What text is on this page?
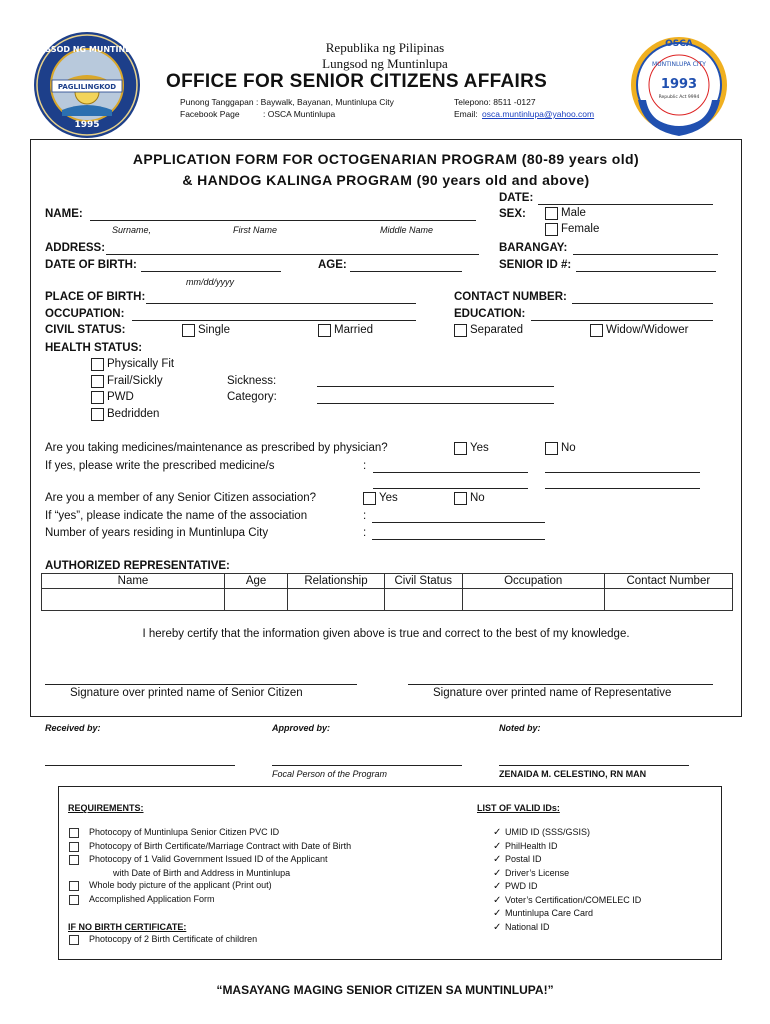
PAGLILINGKOD
LUNGSOD NG MUNTINLUPA
1995
Republika ng Pilipinas
Lungsod ng Muntinlupa
OFFICE FOR SENIOR CITIZENS AFFAIRS
Punong Tanggapan : Baywalk, Bayanan, Muntinlupa City
Facebook Page	: OSCA Muntinlupa
Telepono: 8511 -0127
Email: osca.muntinlupa@yahoo.com
OSCA
MUNTINLUPA CITY
1993
Republic Act 9994
APPLICATION FORM FOR OCTOGENARIAN PROGRAM (80-89 years old)
& HANDOG KALINGA PROGRAM (90 years old and above)
DATE:
NAME:	SEX:	Male
Female
Surname,	First Name	Middle Name
ADDRESS:	BARANGAY:
DATE OF BIRTH:	AGE:	SENIOR ID #:
mm/dd/yyyy
PLACE OF BIRTH:	CONTACT NUMBER:
OCCUPATION:	EDUCATION:
CIVIL STATUS:	Single	Married	Separated	Widow/Widower
HEALTH STATUS:
Physically Fit
Frail/Sickly
PWD
Bedridden
Sickness:
Category:
Are you taking medicines/maintenance as prescribed by physician?	Yes	No
If yes, please write the prescribed medicine/s	:
Are you a member of any Senior Citizen association?	Yes	No
If “yes”, please indicate the name of the association	:
Number of years residing in Muntinlupa City	:
AUTHORIZED REPRESENTATIVE:
Name	Age	Relationship	Civil Status	Occupation	Contact Number

I hereby certify that the information given above is true and correct to the best of my knowledge.
Signature over printed name of Senior Citizen	Signature over printed name of Representative
Received by:	Approved by:	Noted by:
Focal Person of the Program	ZENAIDA M. CELESTINO, RN MAN
REQUIREMENTS:	LIST OF VALID IDs:
Photocopy of Muntinlupa Senior Citizen PVC ID
Photocopy of Birth Certificate/Marriage Contract with Date of Birth
Photocopy of 1 Valid Government Issued ID of the Applicant
with Date of Birth and Address in Muntinlupa
Whole body picture of the applicant (Print out)
Accomplished Application Form
IF NO BIRTH CERTIFICATE:
Photocopy of 2 Birth Certificate of children
✓ UMID ID (SSS/GSIS)
✓ PhilHealth ID
✓ Postal ID
✓ Driver’s License
✓ PWD ID
✓ Voter’s Certification/COMELEC ID
✓ Muntinlupa Care Card
✓ National ID
“MASAYANG MAGING SENIOR CITIZEN SA MUNTINLUPA!”
